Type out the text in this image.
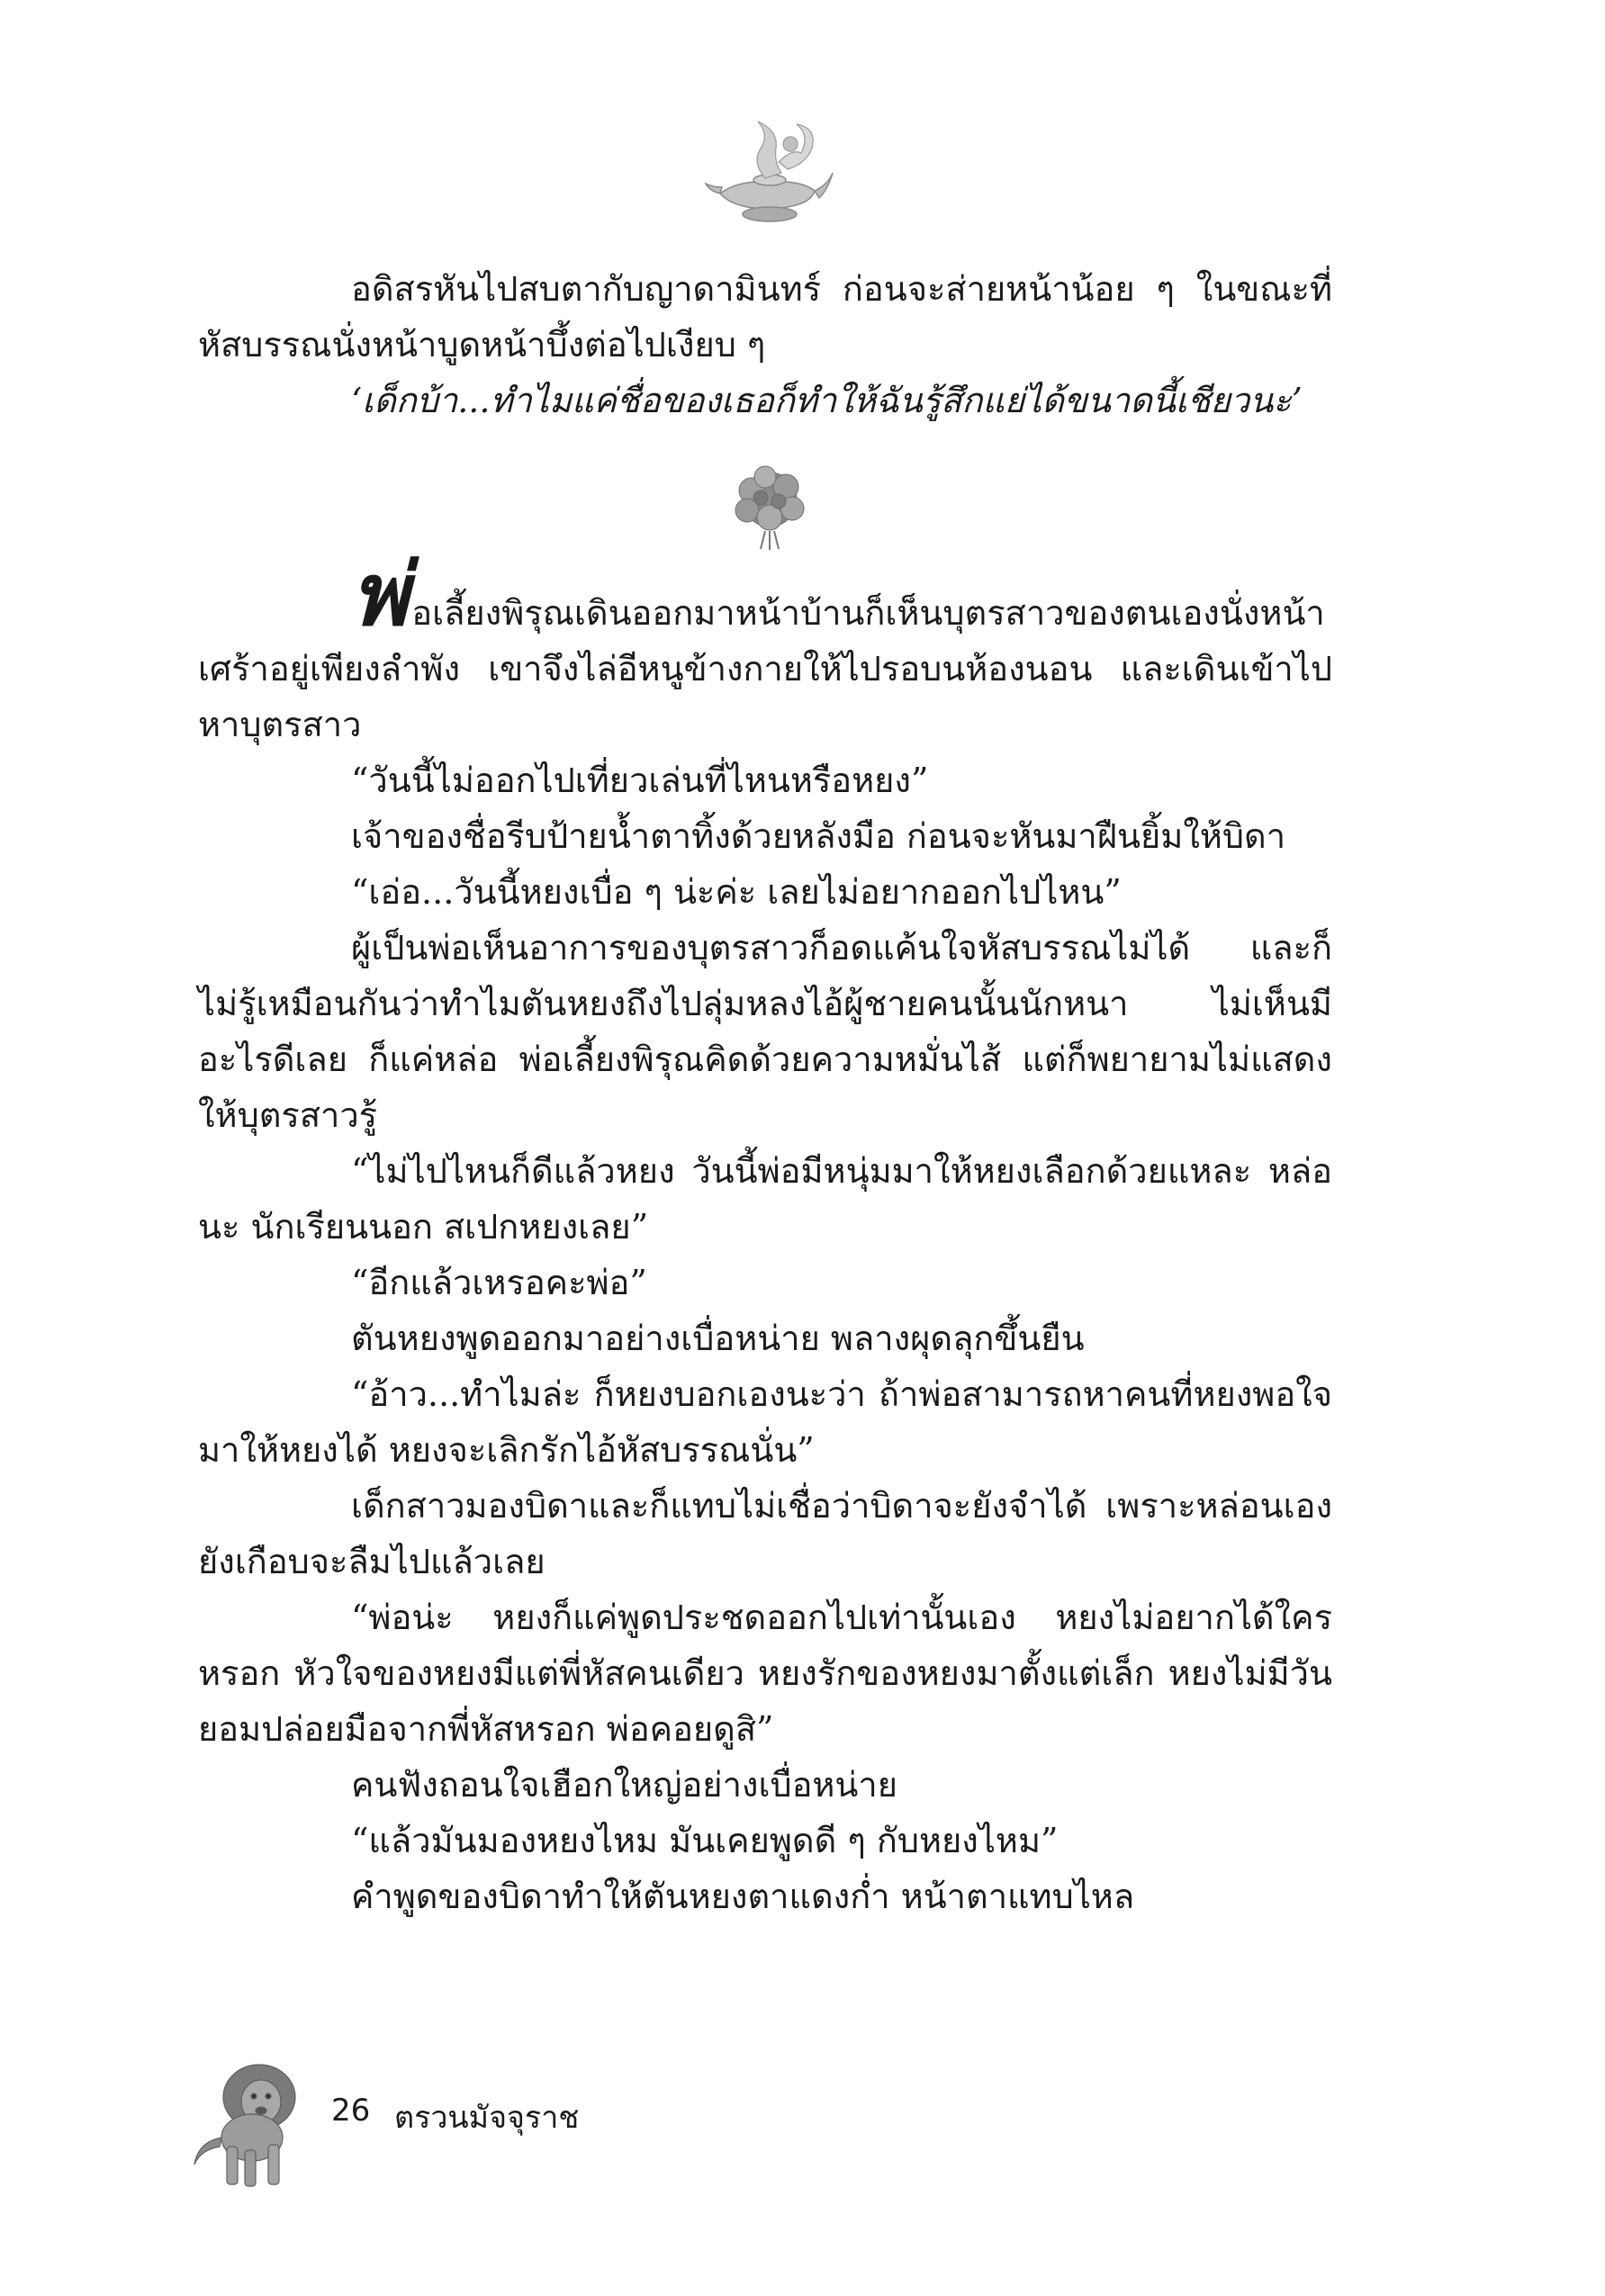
อดิสรหันไปสบตากับญาดามินทร์ ก่อนจะส่ายหน้าน้อย ๆ ในขณะที่หัสบรรณนั่งหน้าบูดหน้าบึ้งต่อไปเงียบ ๆ

‘เด็กบ้า...ทำไมแค่ชื่อของเธอก็ทำให้ฉันรู้สึกแย่ได้ขนาดนี้เชียวนะ’

พ่อเลี้ยงพิรุณเดินออกมาหน้าบ้านก็เห็นบุตรสาวของตนเองนั่งหน้าเศร้าอยู่เพียงลำพัง เขาจึงไล่อีหนูข้างกายให้ไปรอบนห้องนอน และเดินเข้าไปหาบุตรสาว

“วันนี้ไม่ออกไปเที่ยวเล่นที่ไหนหรือหยง”

เจ้าของชื่อรีบป้ายน้ำตาทิ้งด้วยหลังมือ ก่อนจะหันมาฝืนยิ้มให้บิดา

“เอ่อ...วันนี้หยงเบื่อ ๆ น่ะค่ะ เลยไม่อยากออกไปไหน”

ผู้เป็นพ่อเห็นอาการของบุตรสาวก็อดแค้นใจหัสบรรณไม่ได้ และก็ไม่รู้เหมือนกันว่าทำไมตันหยงถึงไปลุ่มหลงไอ้ผู้ชายคนนั้นนักหนา ไม่เห็นมีอะไรดีเลย ก็แค่หล่อ พ่อเลี้ยงพิรุณคิดด้วยความหมั่นไส้ แต่ก็พยายามไม่แสดงให้บุตรสาวรู้

“ไม่ไปไหนก็ดีแล้วหยง วันนี้พ่อมีหนุ่มมาให้หยงเลือกด้วยแหละ หล่อนะ นักเรียนนอก สเปกหยงเลย”

“อีกแล้วเหรอคะพ่อ”

ตันหยงพูดออกมาอย่างเบื่อหน่าย พลางผุดลุกขึ้นยืน

“อ้าว...ทำไมล่ะ ก็หยงบอกเองนะว่า ถ้าพ่อสามารถหาคนที่หยงพอใจมาให้หยงได้ หยงจะเลิกรักไอ้หัสบรรณนั่น”

เด็กสาวมองบิดาและก็แทบไม่เชื่อว่าบิดาจะยังจำได้ เพราะหล่อนเองยังเกือบจะลืมไปแล้วเลย

“พ่อน่ะ หยงก็แค่พูดประชดออกไปเท่านั้นเอง หยงไม่อยากได้ใครหรอก หัวใจของหยงมีแต่พี่หัสคนเดียว หยงรักของหยงมาตั้งแต่เล็ก หยงไม่มีวันยอมปล่อยมือจากพี่หัสหรอก พ่อคอยดูสิ”

คนฟังถอนใจเฮือกใหญ่อย่างเบื่อหน่าย

“แล้วมันมองหยงไหม มันเคยพูดดี ๆ กับหยงไหม”

คำพูดของบิดาทำให้ตันหยงตาแดงก่ำ หน้าตาแทบไหล

26 ตรวนมัจจุราช
